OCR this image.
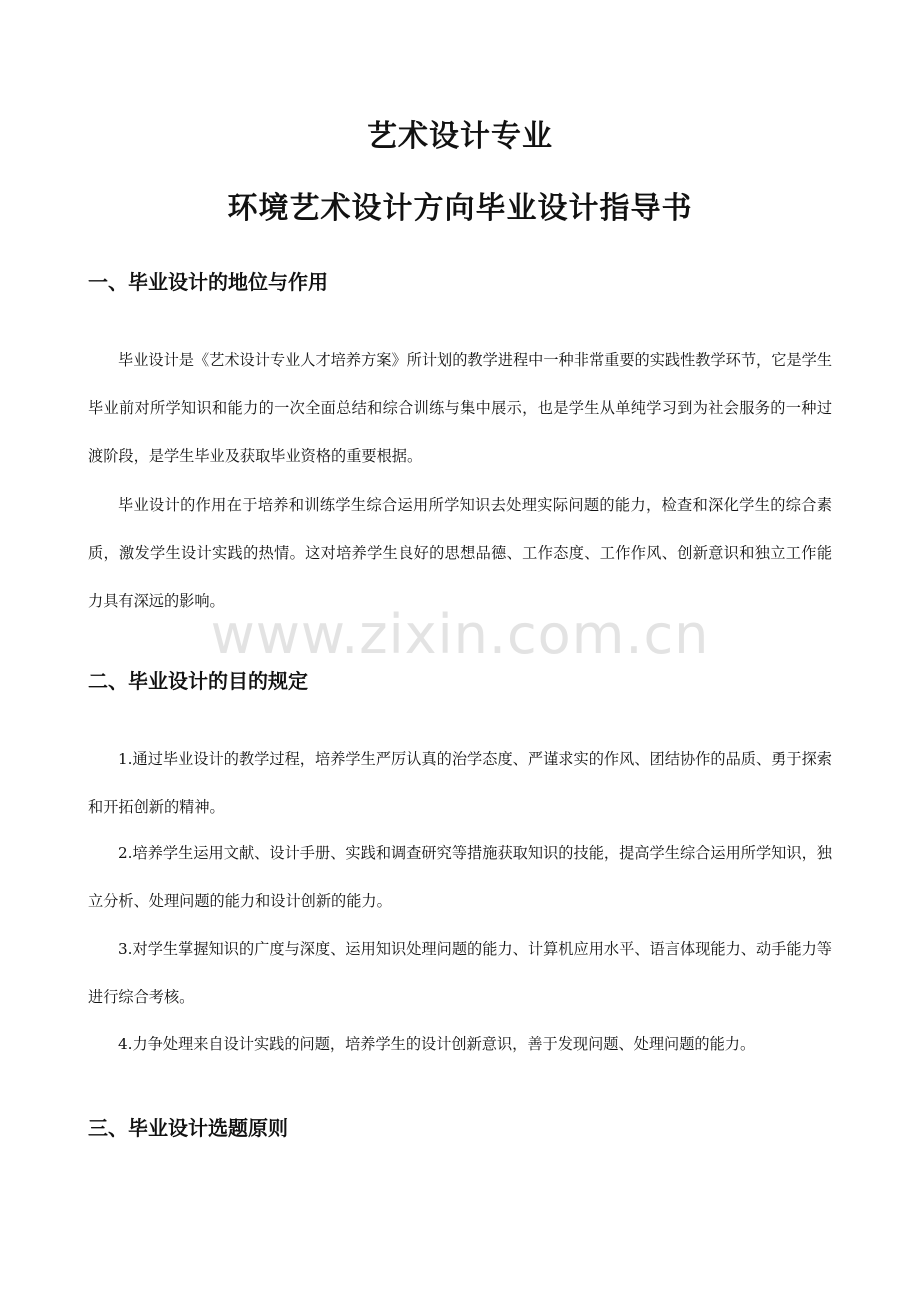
艺术设计专业
环境艺术设计方向毕业设计指导书
一、毕业设计的地位与作用

毕业设计是《艺术设计专业人才培养方案》所计划的教学进程中一种非常重要的实践性教学环节，它是学生毕业前对所学知识和能力的一次全面总结和综合训练与集中展示，也是学生从单纯学习到为社会服务的一种过渡阶段，是学生毕业及获取毕业资格的重要根据。

毕业设计的作用在于培养和训练学生综合运用所学知识去处理实际问题的能力，检查和深化学生的综合素质，激发学生设计实践的热情。这对培养学生良好的思想品德、工作态度、工作作风、创新意识和独立工作能力具有深远的影响。

www.zixin.com.cn
二、毕业设计的目的规定

1.通过毕业设计的教学过程，培养学生严厉认真的治学态度、严谨求实的作风、团结协作的品质、勇于探索和开拓创新的精神。

2.培养学生运用文献、设计手册、实践和调查研究等措施获取知识的技能，提高学生综合运用所学知识，独立分析、处理问题的能力和设计创新的能力。

3.对学生掌握知识的广度与深度、运用知识处理问题的能力、计算机应用水平、语言体现能力、动手能力等进行综合考核。

4.力争处理来自设计实践的问题，培养学生的设计创新意识，善于发现问题、处理问题的能力。

三、毕业设计选题原则
